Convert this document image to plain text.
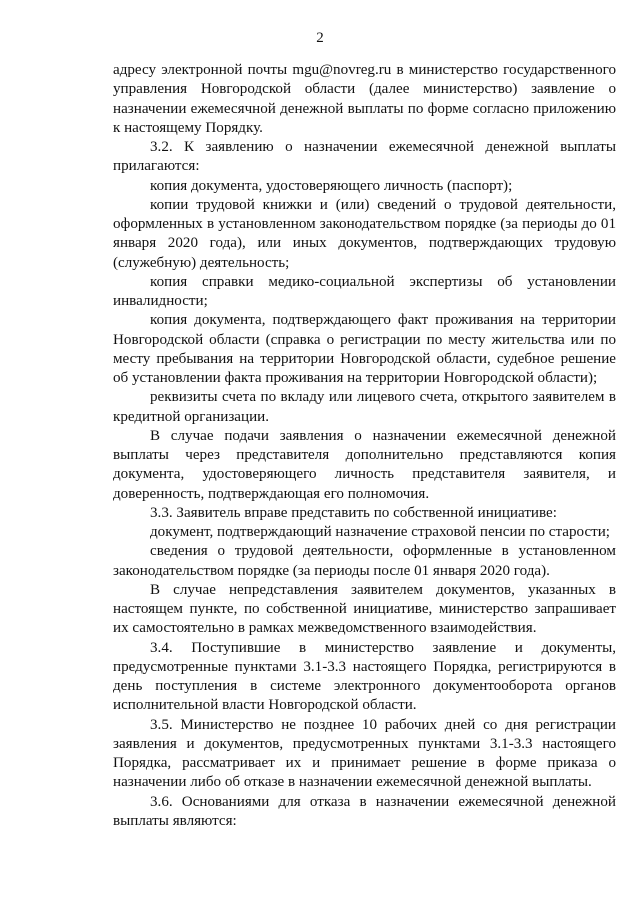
2

адресу электронной почты mgu@novreg.ru в министерство государственного управления Новгородской области (далее министерство) заявление о назначении ежемесячной денежной выплаты по форме согласно приложению к настоящему Порядку.

3.2. К заявлению о назначении ежемесячной денежной выплаты прилагаются:

копия документа, удостоверяющего личность (паспорт);

копии трудовой книжки и (или) сведений о трудовой деятельности, оформленных в установленном законодательством порядке (за периоды до 01 января 2020 года), или иных документов, подтверждающих трудовую (служебную) деятельность;

копия справки медико-социальной экспертизы об установлении инвалидности;

копия документа, подтверждающего факт проживания на территории Новгородской области (справка о регистрации по месту жительства или по месту пребывания на территории Новгородской области, судебное решение об установлении факта проживания на территории Новгородской области);

реквизиты счета по вкладу или лицевого счета, открытого заявителем в кредитной организации.

В случае подачи заявления о назначении ежемесячной денежной выплаты через представителя дополнительно представляются копия документа, удостоверяющего личность представителя заявителя, и доверенность, подтверждающая его полномочия.

3.3. Заявитель вправе представить по собственной инициативе:

документ, подтверждающий назначение страховой пенсии по старости;

сведения о трудовой деятельности, оформленные в установленном законодательством порядке (за периоды после 01 января 2020 года).

В случае непредставления заявителем документов, указанных в настоящем пункте, по собственной инициативе, министерство запрашивает их самостоятельно в рамках межведомственного взаимодействия.

3.4. Поступившие в министерство заявление и документы, предусмотренные пунктами 3.1-3.3 настоящего Порядка, регистрируются в день поступления в системе электронного документооборота органов исполнительной власти Новгородской области.

3.5. Министерство не позднее 10 рабочих дней со дня регистрации заявления и документов, предусмотренных пунктами 3.1-3.3 настоящего Порядка, рассматривает их и принимает решение в форме приказа о назначении либо об отказе в назначении ежемесячной денежной выплаты.

3.6. Основаниями для отказа в назначении ежемесячной денежной выплаты являются:
